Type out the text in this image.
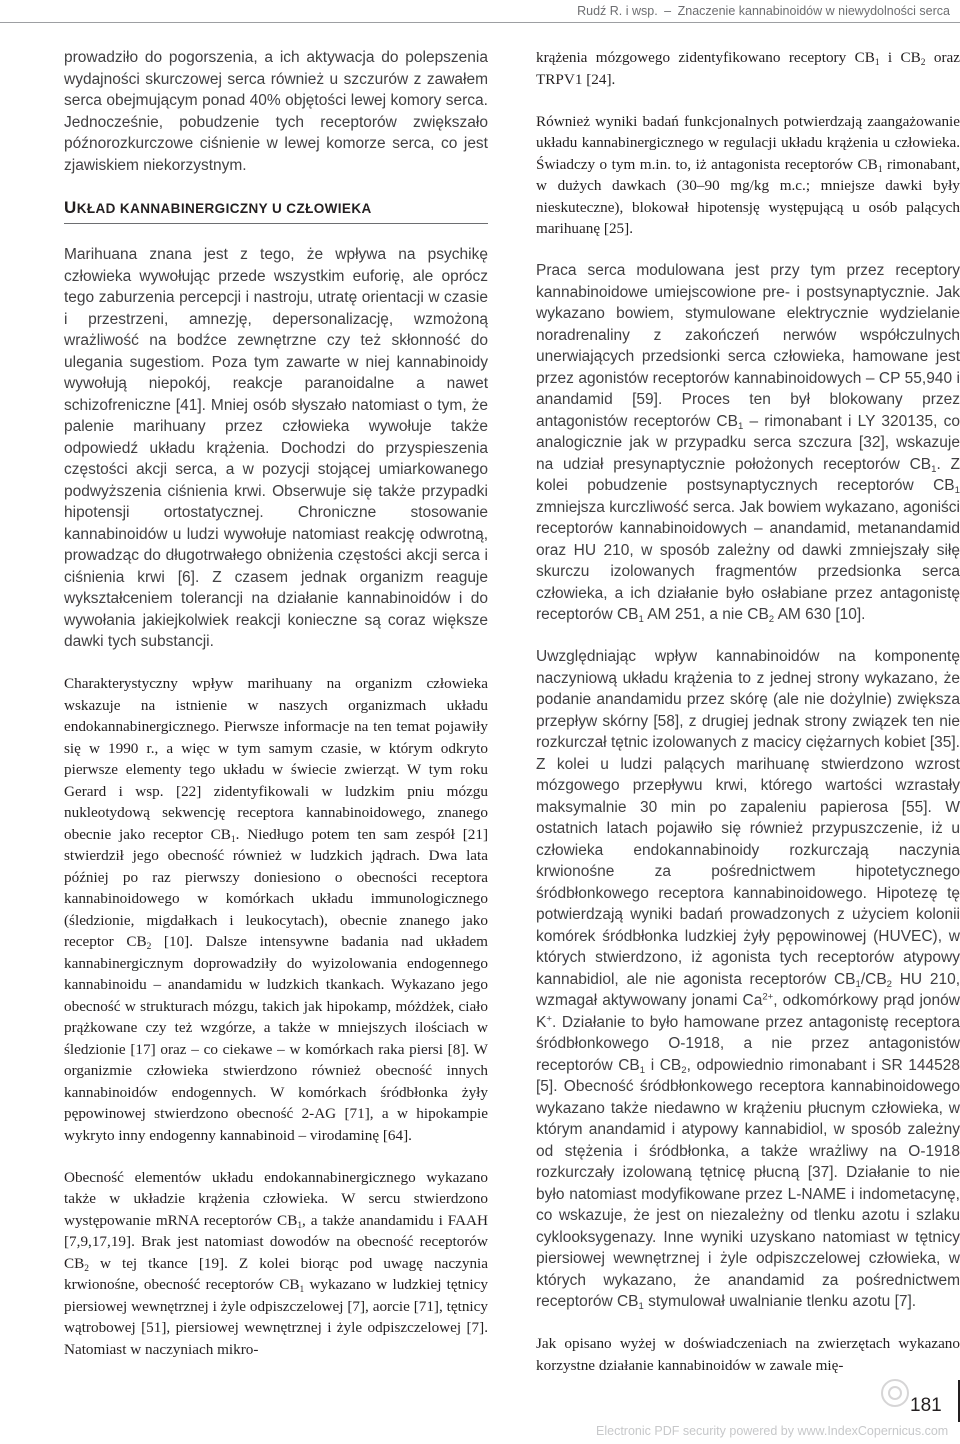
Rudź R. i wsp. – Znaczenie kannabinoidów w niewydolności serca

prowadziło do pogorszenia, a ich aktywacja do polepszenia wydajności skurczowej serca również u szczurów z zawałem serca obejmującym ponad 40% objętości lewej komory serca. Jednocześnie, pobudzenie tych receptorów zwiększało późnorozkurczowe ciśnienie w lewej komorze serca, co jest zjawiskiem niekorzystnym.

UKŁAD KANNABINERGICZNY U CZŁOWIEKA

Marihuana znana jest z tego, że wpływa na psychikę człowieka wywołując przede wszystkim euforię, ale oprócz tego zaburzenia percepcji i nastroju, utratę orientacji w czasie i przestrzeni, amnezję, depersonalizację, wzmożoną wrażliwość na bodźce zewnętrzne czy też skłonność do ulegania sugestiom. Poza tym zawarte w niej kannabinoidy wywołują niepokój, reakcje paranoidalne a nawet schizofreniczne [41]. Mniej osób słyszało natomiast o tym, że palenie marihuany przez człowieka wywołuje także odpowiedź układu krążenia. Dochodzi do przyspieszenia częstości akcji serca, a w pozycji stojącej umiarkowanego podwyższenia ciśnienia krwi. Obserwuje się także przypadki hipotensji ortostatycznej. Chroniczne stosowanie kannabinoidów u ludzi wywołuje natomiast reakcję odwrotną, prowadząc do długotrwałego obniżenia częstości akcji serca i ciśnienia krwi [6]. Z czasem jednak organizm reaguje wykształceniem tolerancji na działanie kannabinoidów i do wywołania jakiejkolwiek reakcji konieczne są coraz większe dawki tych substancji.

Charakterystyczny wpływ marihuany na organizm człowieka wskazuje na istnienie w naszych organizmach układu endokannabinergicznego. Pierwsze informacje na ten temat pojawiły się w 1990 r., a więc w tym samym czasie, w którym odkryto pierwsze elementy tego układu w świecie zwierząt. W tym roku Gerard i wsp. [22] zidentyfikowali w ludzkim pniu mózgu nukleotydową sekwencję receptora kannabinoidowego, znanego obecnie jako receptor $CB_1$. Niedługo potem ten sam zespół [21] stwierdził jego obecność również w ludzkich jądrach. Dwa lata później po raz pierwszy doniesiono o obecności receptora kannabinoidowego w komórkach układu immunologicznego (śledzionie, migdałkach i leukocytach), obecnie znanego jako receptor $CB_2$ [10]. Dalsze intensywne badania nad układem kannabinergicznym doprowadziły do wyizolowania endogennego kannabinoidu – anandamidu w ludzkich tkankach. Wykazano jego obecność w strukturach mózgu, takich jak hipokamp, móżdżek, ciało prążkowane czy też wzgórze, a także w mniejszych ilościach w śledzionie [17] oraz – co ciekawe – w komórkach raka piersi [8]. W organizmie człowieka stwierdzono również obecność innych kannabinoidów endogennych. W komórkach śródbłonka żyły pępowinowej stwierdzono obecność 2-AG [71], a w hipokampie wykryto inny endogenny kannabinoid – virodaminę [64].

Obecność elementów układu endokannabinergicznego wykazano także w układzie krążenia człowieka. W sercu stwierdzono występowanie mRNA receptorów $CB_1$, a także anandamidu i FAAH [7,9,17,19]. Brak jest natomiast dowodów na obecność receptorów $CB_2$ w tej tkance [19]. Z kolei biorąc pod uwagę naczynia krwionośne, obecność receptorów $CB_1$ wykazano w ludzkiej tętnicy piersiowej wewnętrznej i żyle odpiszczelowej [7], aorcie [71], tętnicy wątrobowej [51], piersiowej wewnętrznej i żyle odpiszczelowej [7]. Natomiast w naczyniach mikro-

krążenia mózgowego zidentyfikowano receptory $CB_1$ i $CB_2$ oraz TRPV1 [24].

Również wyniki badań funkcjonalnych potwierdzają zaangażowanie układu kannabinergicznego w regulacji układu krążenia u człowieka. Świadczy o tym m.in. to, iż antagonista receptorów $CB_1$ rimonabant, w dużych dawkach (30–90 mg/kg m.c.; mniejsze dawki były nieskuteczne), blokował hipotensję występującą u osób palących marihuanę [25].

Praca serca modulowana jest przy tym przez receptory kannabinoidowe umiejscowione pre- i postsynaptycznie. Jak wykazano bowiem, stymulowane elektrycznie wydzielanie noradrenaliny z zakończeń nerwów współczulnych unerwiających przedsionki serca człowieka, hamowane jest przez agonistów receptorów kannabinoidowych – CP 55,940 i anandamid [59]. Proces ten był blokowany przez antagonistów receptorów $CB_1$ – rimonabant i LY 320135, co analogicznie jak w przypadku serca szczura [32], wskazuje na udział presynaptycznie położonych receptorów $CB_1$. Z kolei pobudzenie postsynaptycznych receptorów $CB_1$ zmniejsza kurczliwość serca. Jak bowiem wykazano, agoniści receptorów kannabinoidowych – anandamid, metanandamid oraz HU 210, w sposób zależny od dawki zmniejszały siłę skurczu izolowanych fragmentów przedsionka serca człowieka, a ich działanie było osłabiane przez antagonistę receptorów $CB_1$ AM 251, a nie $CB_2$ AM 630 [10].

Uwzględniając wpływ kannabinoidów na komponentę naczyniową układu krążenia to z jednej strony wykazano, że podanie anandamidu przez skórę (ale nie dożylnie) zwiększa przepływ skórny [58], z drugiej jednak strony związek ten nie rozkurczał tętnic izolowanych z macicy ciężarnych kobiet [35]. Z kolei u ludzi palących marihuanę stwierdzono wzrost mózgowego przepływu krwi, którego wartości wzrastały maksymalnie 30 min po zapaleniu papierosa [55]. W ostatnich latach pojawiło się również przypuszczenie, iż u człowieka endokannabinoidy rozkurczają naczynia krwionośne za pośrednictwem hipotetycznego śródbłonkowego receptora kannabinoidowego. Hipotezę tę potwierdzają wyniki badań prowadzonych z użyciem kolonii komórek śródbłonka ludzkiej żyły pępowinowej (HUVEC), w których stwierdzono, iż agonista tych receptorów atypowy kannabidiol, ale nie agonista receptorów $CB_1/CB_2$ HU 210, wzmagał aktywowany jonami $Ca^{2+}$, odkomórkowy prąd jonów K+. Działanie to było hamowane przez antagonistę receptora śródbłonkowego O-1918, a nie przez antagonistów receptorów $CB_1$ i $CB_2$, odpowiednio rimonabant i SR 144528 [5]. Obecność śródbłonkowego receptora kannabinoidowego wykazano także niedawno w krążeniu płucnym człowieka, w którym anandamid i atypowy kannabidiol, w sposób zależny od stężenia i śródbłonka, a także wrażliwy na O-1918 rozkurczały izolowaną tętnicę płucną [37]. Działanie to nie było natomiast modyfikowane przez L-NAME i indometacynę, co wskazuje, że jest on niezależny od tlenku azotu i szlaku cyklooksygenazy. Inne wyniki uzyskano natomiast w tętnicy piersiowej wewnętrznej i żyle odpiszczelowej człowieka, w których wykazano, że anandamid za pośrednictwem receptorów $CB_1$ stymulował uwalnianie tlenku azotu [7].

Jak opisano wyżej w doświadczeniach na zwierzętach wykazano korzystne działanie kannabinoidów w zawale mię-

181
Electronic PDF security powered by www.IndexCopernicus.com
